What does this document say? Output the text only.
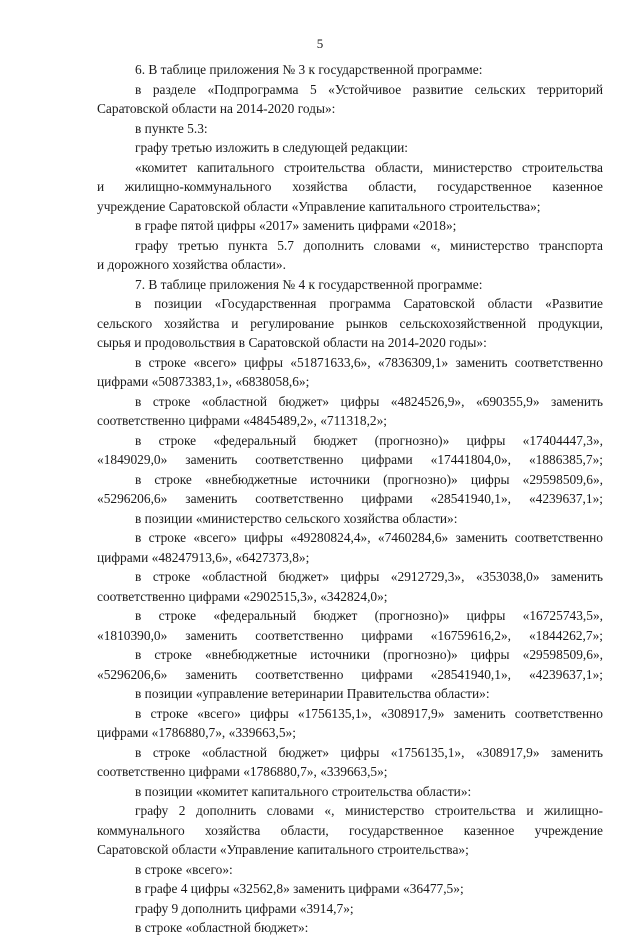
5
6. В таблице приложения № 3 к государственной программе:
в разделе «Подпрограмма 5 «Устойчивое развитие сельских территорий
Саратовской области на 2014-2020 годы»:
в пункте 5.3:
графу третью изложить в следующей редакции:
«комитет капитального строительства области, министерство строительства
и жилищно-коммунального хозяйства области, государственное казенное
учреждение Саратовской области «Управление капитального строительства»;
в графе пятой цифры «2017» заменить цифрами «2018»;
графу третью пункта 5.7 дополнить словами «, министерство транспорта
и дорожного хозяйства области».
7. В таблице приложения № 4 к государственной программе:
в позиции «Государственная программа Саратовской области «Развитие
сельского хозяйства и регулирование рынков сельскохозяйственной продукции,
сырья и продовольствия в Саратовской области на 2014-2020 годы»:
в строке «всего» цифры «51871633,6», «7836309,1» заменить соответственно
цифрами «50873383,1», «6838058,6»;
в строке «областной бюджет» цифры «4824526,9», «690355,9» заменить
соответственно цифрами «4845489,2», «711318,2»;
в строке «федеральный бюджет (прогнозно)» цифры «17404447,3»,
«1849029,0» заменить соответственно цифрами «17441804,0», «1886385,7»;
в строке «внебюджетные источники (прогнозно)» цифры «29598509,6»,
«5296206,6» заменить соответственно цифрами «28541940,1», «4239637,1»;
в позиции «министерство сельского хозяйства области»:
в строке «всего» цифры «49280824,4», «7460284,6» заменить соответственно
цифрами «48247913,6», «6427373,8»;
в строке «областной бюджет» цифры «2912729,3», «353038,0» заменить
соответственно цифрами «2902515,3», «342824,0»;
в строке «федеральный бюджет (прогнозно)» цифры «16725743,5»,
«1810390,0» заменить соответственно цифрами «16759616,2», «1844262,7»;
в строке «внебюджетные источники (прогнозно)» цифры «29598509,6»,
«5296206,6» заменить соответственно цифрами «28541940,1», «4239637,1»;
в позиции «управление ветеринарии Правительства области»:
в строке «всего» цифры «1756135,1», «308917,9» заменить соответственно
цифрами «1786880,7», «339663,5»;
в строке «областной бюджет» цифры «1756135,1», «308917,9» заменить
соответственно цифрами «1786880,7», «339663,5»;
в позиции «комитет капитального строительства области»:
графу 2 дополнить словами «, министерство строительства и жилищно-
коммунального хозяйства области, государственное казенное учреждение
Саратовской области «Управление капитального строительства»;
в строке «всего»:
в графе 4 цифры «32562,8» заменить цифрами «36477,5»;
графу 9 дополнить цифрами «3914,7»;
в строке «областной бюджет»:
